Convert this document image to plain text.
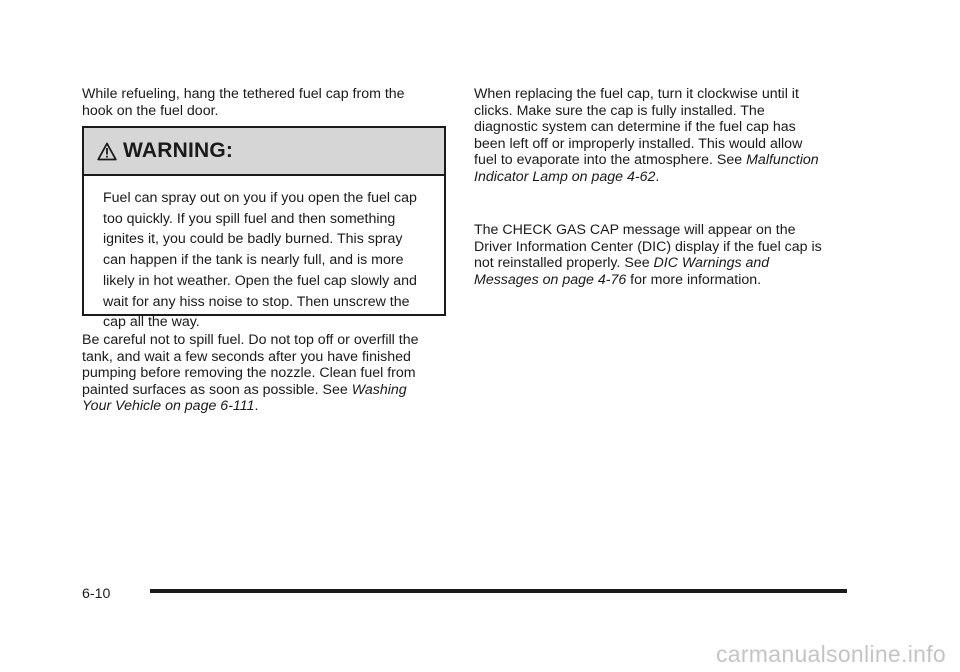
While refueling, hang the tethered fuel cap from the

hook on the fuel door.

WARNING:

Fuel can spray out on you if you open the fuel cap

too quickly. If you spill fuel and then something

ignites it, you could be badly burned. This spray

can happen if the tank is nearly full, and is more

likely in hot weather. Open the fuel cap slowly and

wait for any hiss noise to stop. Then unscrew the

cap all the way.

Be careful not to spill fuel. Do not top off or overfill the

tank, and wait a few seconds after you have finished

pumping before removing the nozzle. Clean fuel from

painted surfaces as soon as possible. See Washing

Your Vehicle on page 6‑111.

When replacing the fuel cap, turn it clockwise until it

clicks. Make sure the cap is fully installed. The

diagnostic system can determine if the fuel cap has

been left off or improperly installed. This would allow

fuel to evaporate into the atmosphere. See Malfunction

Indicator Lamp on page 4‑62.

The CHECK GAS CAP message will appear on the

Driver Information Center (DIC) display if the fuel cap is

not reinstalled properly. See DIC Warnings and

Messages on page 4‑76 for more information.

6-10
carmanualsonline.info
